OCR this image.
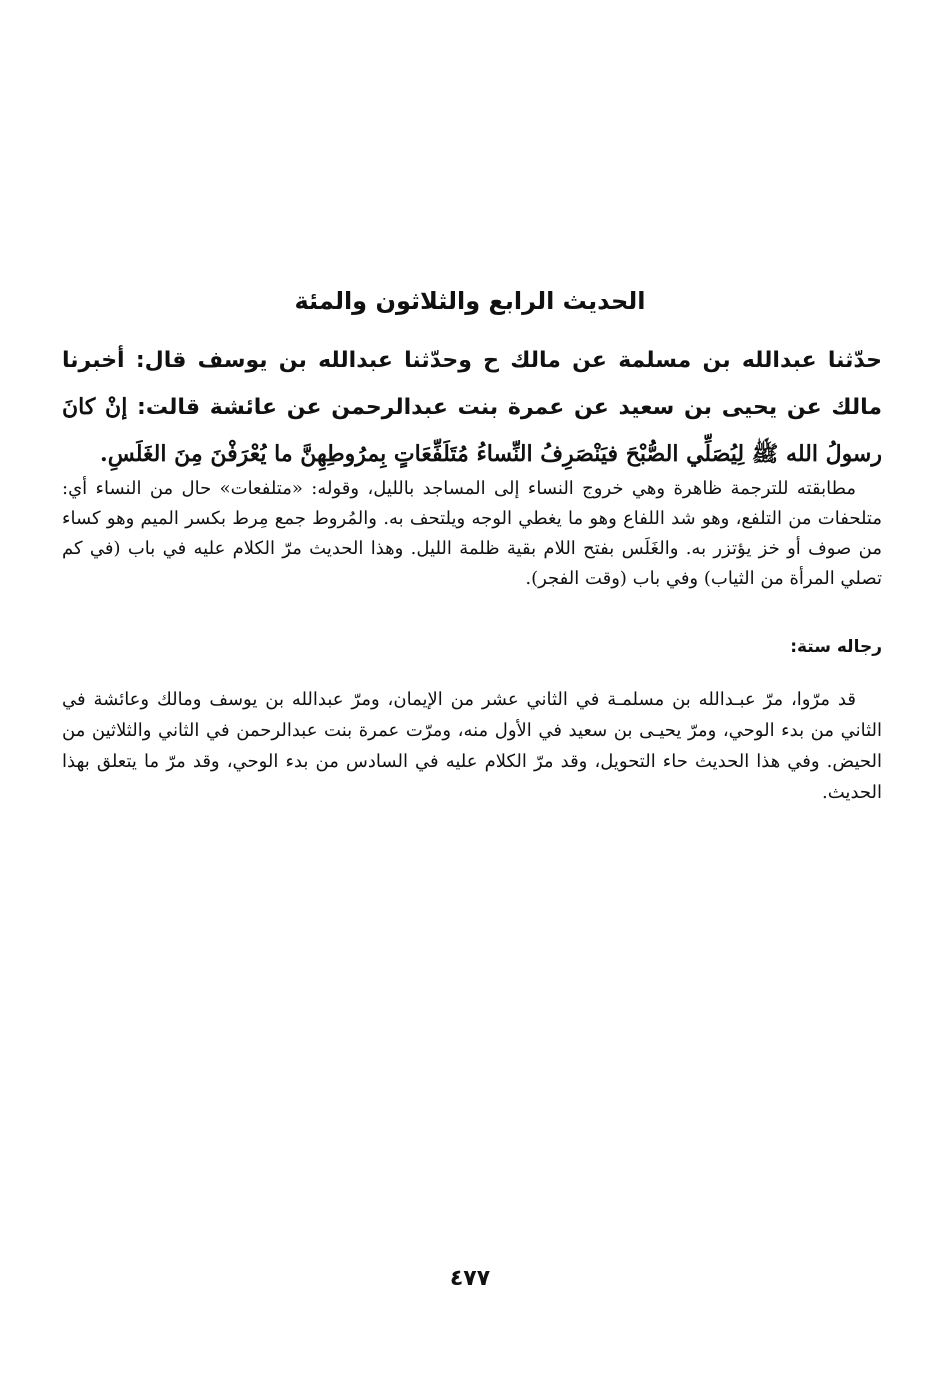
الحديث الرابع والثلاثون والمئة

حدّثنا عبدالله بن مسلمة عن مالك ح وحدّثنا عبدالله بن يوسف قال: أخبرنا مالك عن يحيى بن سعيد عن عمرة بنت عبدالرحمن عن عائشة قالت: إنْ كانَ رسولُ الله ﷺ لِيُصَلِّي الصُّبْحَ فيَنْصَرِفُ النِّساءُ مُتَلَفِّعَاتٍ بِمرُوطِهِنَّ ما يُعْرَفْنَ مِنَ الغَلَسِ.

مطابقته للترجمة ظاهرة وهي خروج النساء إلى المساجد بالليل، وقوله: «متلفعات» حال من النساء أي: متلحفات من التلفع، وهو شد اللفاع وهو ما يغطي الوجه ويلتحف به. والمُروط جمع مِرط بكسر الميم وهو كساء من صوف أو خز يؤتزر به. والغَلَس بفتح اللام بقية ظلمة الليل. وهذا الحديث مرّ الكلام عليه في باب (في كم تصلي المرأة من الثياب) وفي باب (وقت الفجر).

رجاله ستة:

قد مرّوا، مرّ عبـدالله بن مسلمـة في الثاني عشر من الإيمان، ومرّ عبدالله بن يوسف ومالك وعائشة في الثاني من بدء الوحي، ومرّ يحيـى بن سعيد في الأول منه، ومرّت عمرة بنت عبدالرحمن في الثاني والثلاثين من الحيض. وفي هذا الحديث حاء التحويل، وقد مرّ الكلام عليه في السادس من بدء الوحي، وقد مرّ ما يتعلق بهذا الحديث.

٤٧٧
